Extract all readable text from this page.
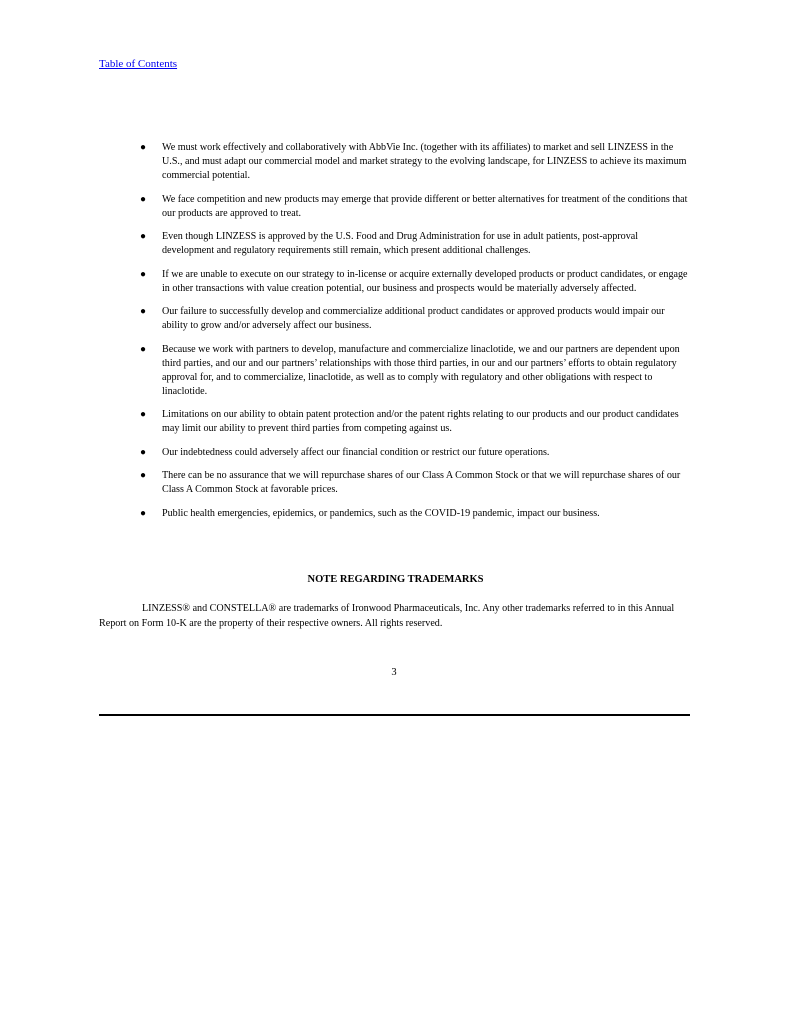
Table of Contents
● We must work effectively and collaboratively with AbbVie Inc. (together with its affiliates) to market and sell LINZESS in the U.S., and must adapt our commercial model and market strategy to the evolving landscape, for LINZESS to achieve its maximum commercial potential.
● We face competition and new products may emerge that provide different or better alternatives for treatment of the conditions that our products are approved to treat.
● Even though LINZESS is approved by the U.S. Food and Drug Administration for use in adult patients, post-approval development and regulatory requirements still remain, which present additional challenges.
● If we are unable to execute on our strategy to in-license or acquire externally developed products or product candidates, or engage in other transactions with value creation potential, our business and prospects would be materially adversely affected.
● Our failure to successfully develop and commercialize additional product candidates or approved products would impair our ability to grow and/or adversely affect our business.
● Because we work with partners to develop, manufacture and commercialize linaclotide, we and our partners are dependent upon third parties, and our and our partners’ relationships with those third parties, in our and our partners’ efforts to obtain regulatory approval for, and to commercialize, linaclotide, as well as to comply with regulatory and other obligations with respect to linaclotide.
● Limitations on our ability to obtain patent protection and/or the patent rights relating to our products and our product candidates may limit our ability to prevent third parties from competing against us.
● Our indebtedness could adversely affect our financial condition or restrict our future operations.
● There can be no assurance that we will repurchase shares of our Class A Common Stock or that we will repurchase shares of our Class A Common Stock at favorable prices.
● Public health emergencies, epidemics, or pandemics, such as the COVID-19 pandemic, impact our business.
NOTE REGARDING TRADEMARKS

LINZESS® and CONSTELLA® are trademarks of Ironwood Pharmaceuticals, Inc. Any other trademarks referred to in this Annual Report on Form 10-K are the property of their respective owners. All rights reserved.

3
